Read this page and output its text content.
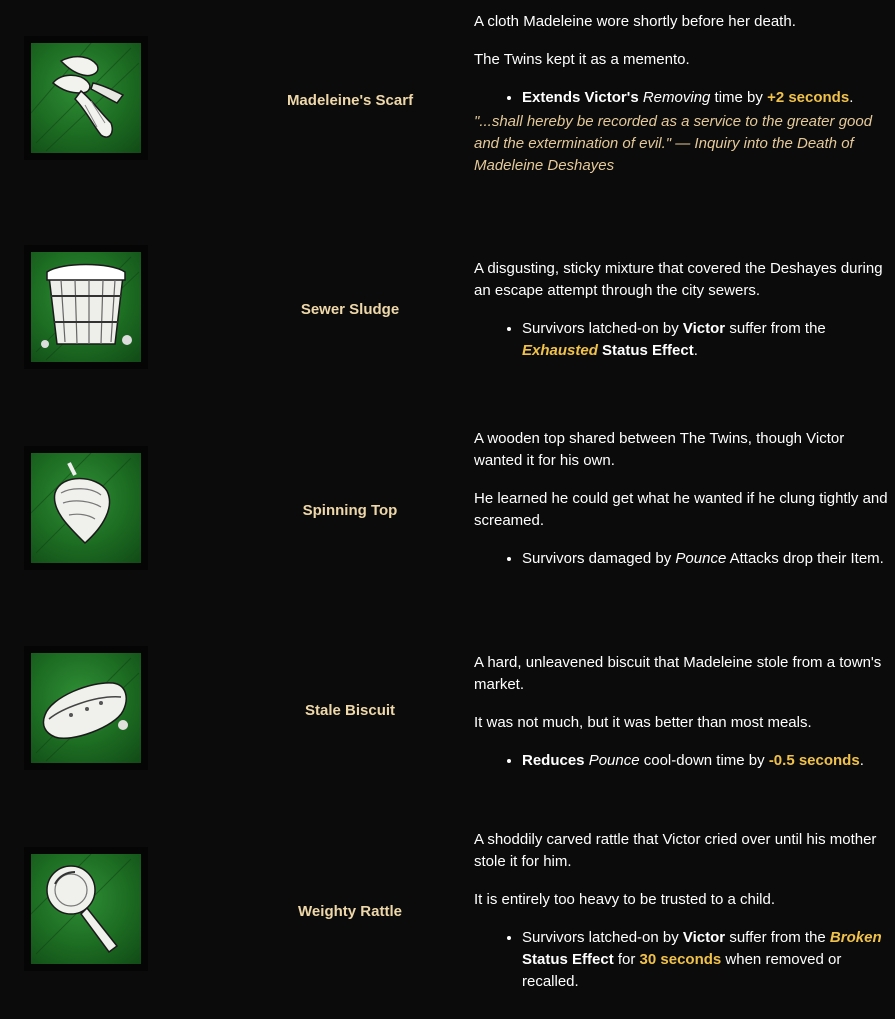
Madeleine's Scarf

A cloth Madeleine wore shortly before her death.

The Twins kept it as a memento.

• Extends Victor's Removing time by +2 seconds.

"...shall hereby be recorded as a service to the greater good and the extermination of evil." — Inquiry into the Death of Madeleine Deshayes

Sewer Sludge

A disgusting, sticky mixture that covered the Deshayes during an escape attempt through the city sewers.

• Survivors latched-on by Victor suffer from the Exhausted Status Effect.
Spinning Top

A wooden top shared between The Twins, though Victor wanted it for his own.

He learned he could get what he wanted if he clung tightly and screamed.

• Survivors damaged by Pounce Attacks drop their Item.
Stale Biscuit

A hard, unleavened biscuit that Madeleine stole from a town's market.

It was not much, but it was better than most meals.

• Reduces Pounce cool-down time by -0.5 seconds.
Weighty Rattle

A shoddily carved rattle that Victor cried over until his mother stole it for him.

It is entirely too heavy to be trusted to a child.

• Survivors latched-on by Victor suffer from the Broken Status Effect for 30 seconds when removed or recalled.
